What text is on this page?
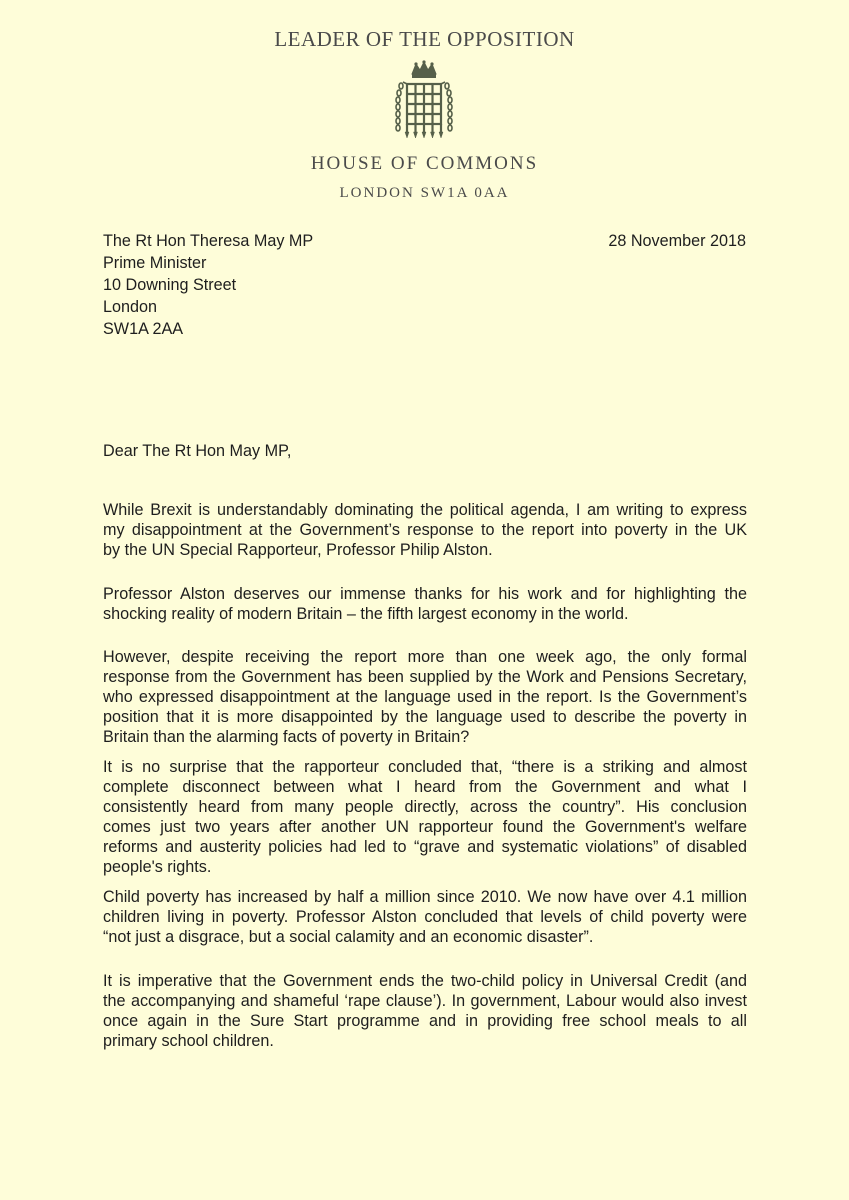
LEADER OF THE OPPOSITION
HOUSE OF COMMONS
LONDON SW1A 0AA
The Rt Hon Theresa May MP
Prime Minister
10 Downing Street
London
SW1A 2AA
28 November 2018
Dear The Rt Hon May MP,
While Brexit is understandably dominating the political agenda, I am writing to express
my disappointment at the Government’s response to the report into poverty in the UK
by the UN Special Rapporteur, Professor Philip Alston.
Professor Alston deserves our immense thanks for his work and for highlighting the
shocking reality of modern Britain – the fifth largest economy in the world.
However, despite receiving the report more than one week ago, the only formal
response from the Government has been supplied by the Work and Pensions Secretary,
who expressed disappointment at the language used in the report. Is the Government’s
position that it is more disappointed by the language used to describe the poverty in
Britain than the alarming facts of poverty in Britain?
It is no surprise that the rapporteur concluded that, “there is a striking and almost
complete disconnect between what I heard from the Government and what I
consistently heard from many people directly, across the country”. His conclusion
comes just two years after another UN rapporteur found the Government's welfare
reforms and austerity policies had led to “grave and systematic violations” of disabled
people's rights.
Child poverty has increased by half a million since 2010. We now have over 4.1 million
children living in poverty. Professor Alston concluded that levels of child poverty were
“not just a disgrace, but a social calamity and an economic disaster”.
It is imperative that the Government ends the two-child policy in Universal Credit (and
the accompanying and shameful ‘rape clause’). In government, Labour would also invest
once again in the Sure Start programme and in providing free school meals to all
primary school children.
